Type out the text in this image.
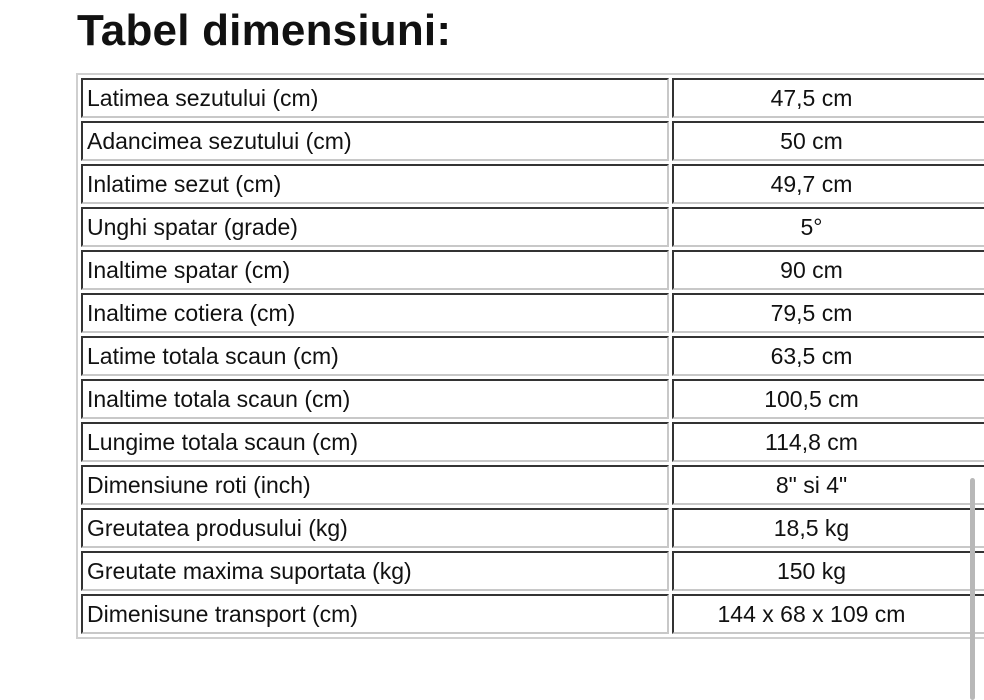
Tabel dimensiuni:
Latimea sezutului (cm)	47,5 cm
Adancimea sezutului (cm)	50 cm
Inlatime sezut (cm)	49,7 cm
Unghi spatar (grade)	5°
Inaltime spatar (cm)	90 cm
Inaltime cotiera (cm)	79,5 cm
Latime totala scaun (cm)	63,5 cm
Inaltime totala scaun (cm)	100,5 cm
Lungime totala scaun (cm)	114,8 cm
Dimensiune roti (inch)	8" si 4"
Greutatea produsului (kg)	18,5 kg
Greutate maxima suportata (kg)	150 kg
Dimenisune transport (cm)	144 x 68 x 109 cm
